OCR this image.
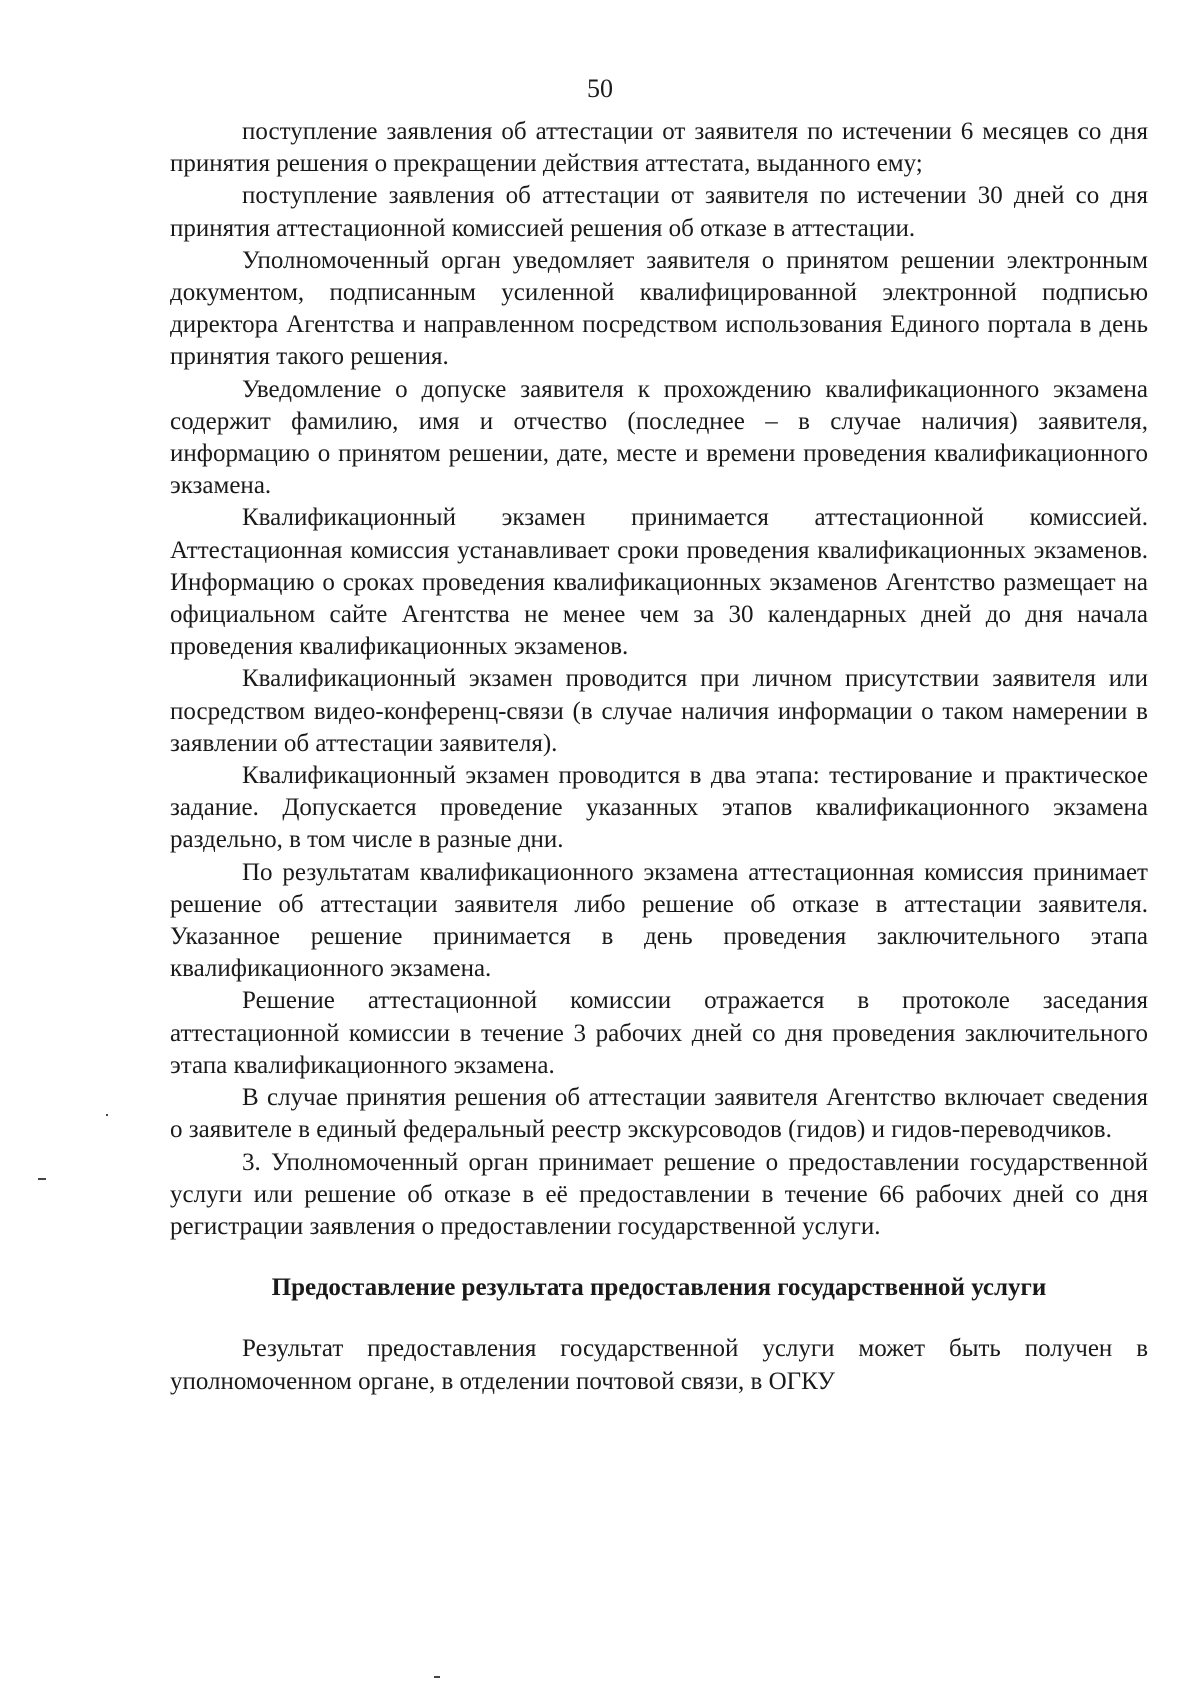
50

поступление заявления об аттестации от заявителя по истечении 6 месяцев со дня принятия решения о прекращении действия аттестата, выданного ему;

поступление заявления об аттестации от заявителя по истечении 30 дней со дня принятия аттестационной комиссией решения об отказе в аттестации.

Уполномоченный орган уведомляет заявителя о принятом решении электронным документом, подписанным усиленной квалифицированной электронной подписью директора Агентства и направленном посредством использования Единого портала в день принятия такого решения.

Уведомление о допуске заявителя к прохождению квалификационного экзамена содержит фамилию, имя и отчество (последнее – в случае наличия) заявителя, информацию о принятом решении, дате, месте и времени проведения квалификационного экзамена.

Квалификационный экзамен принимается аттестационной комиссией. Аттестационная комиссия устанавливает сроки проведения квалификационных экзаменов. Информацию о сроках проведения квалификационных экзаменов Агентство размещает на официальном сайте Агентства не менее чем за 30 календарных дней до дня начала проведения квалификационных экзаменов.

Квалификационный экзамен проводится при личном присутствии заявителя или посредством видео-конференц-связи (в случае наличия информации о таком намерении в заявлении об аттестации заявителя).

Квалификационный экзамен проводится в два этапа: тестирование и практическое задание. Допускается проведение указанных этапов квалификационного экзамена раздельно, в том числе в разные дни.

По результатам квалификационного экзамена аттестационная комиссия принимает решение об аттестации заявителя либо решение об отказе в аттестации заявителя. Указанное решение принимается в день проведения заключительного этапа квалификационного экзамена.

Решение аттестационной комиссии отражается в протоколе заседания аттестационной комиссии в течение 3 рабочих дней со дня проведения заключительного этапа квалификационного экзамена.

В случае принятия решения об аттестации заявителя Агентство включает сведения о заявителе в единый федеральный реестр экскурсоводов (гидов) и гидов-переводчиков.

3. Уполномоченный орган принимает решение о предоставлении государственной услуги или решение об отказе в её предоставлении в течение 66 рабочих дней со дня регистрации заявления о предоставлении государственной услуги.

Предоставление результата предоставления государственной услуги

Результат предоставления государственной услуги может быть получен в уполномоченном органе, в отделении почтовой связи, в ОГКУ
